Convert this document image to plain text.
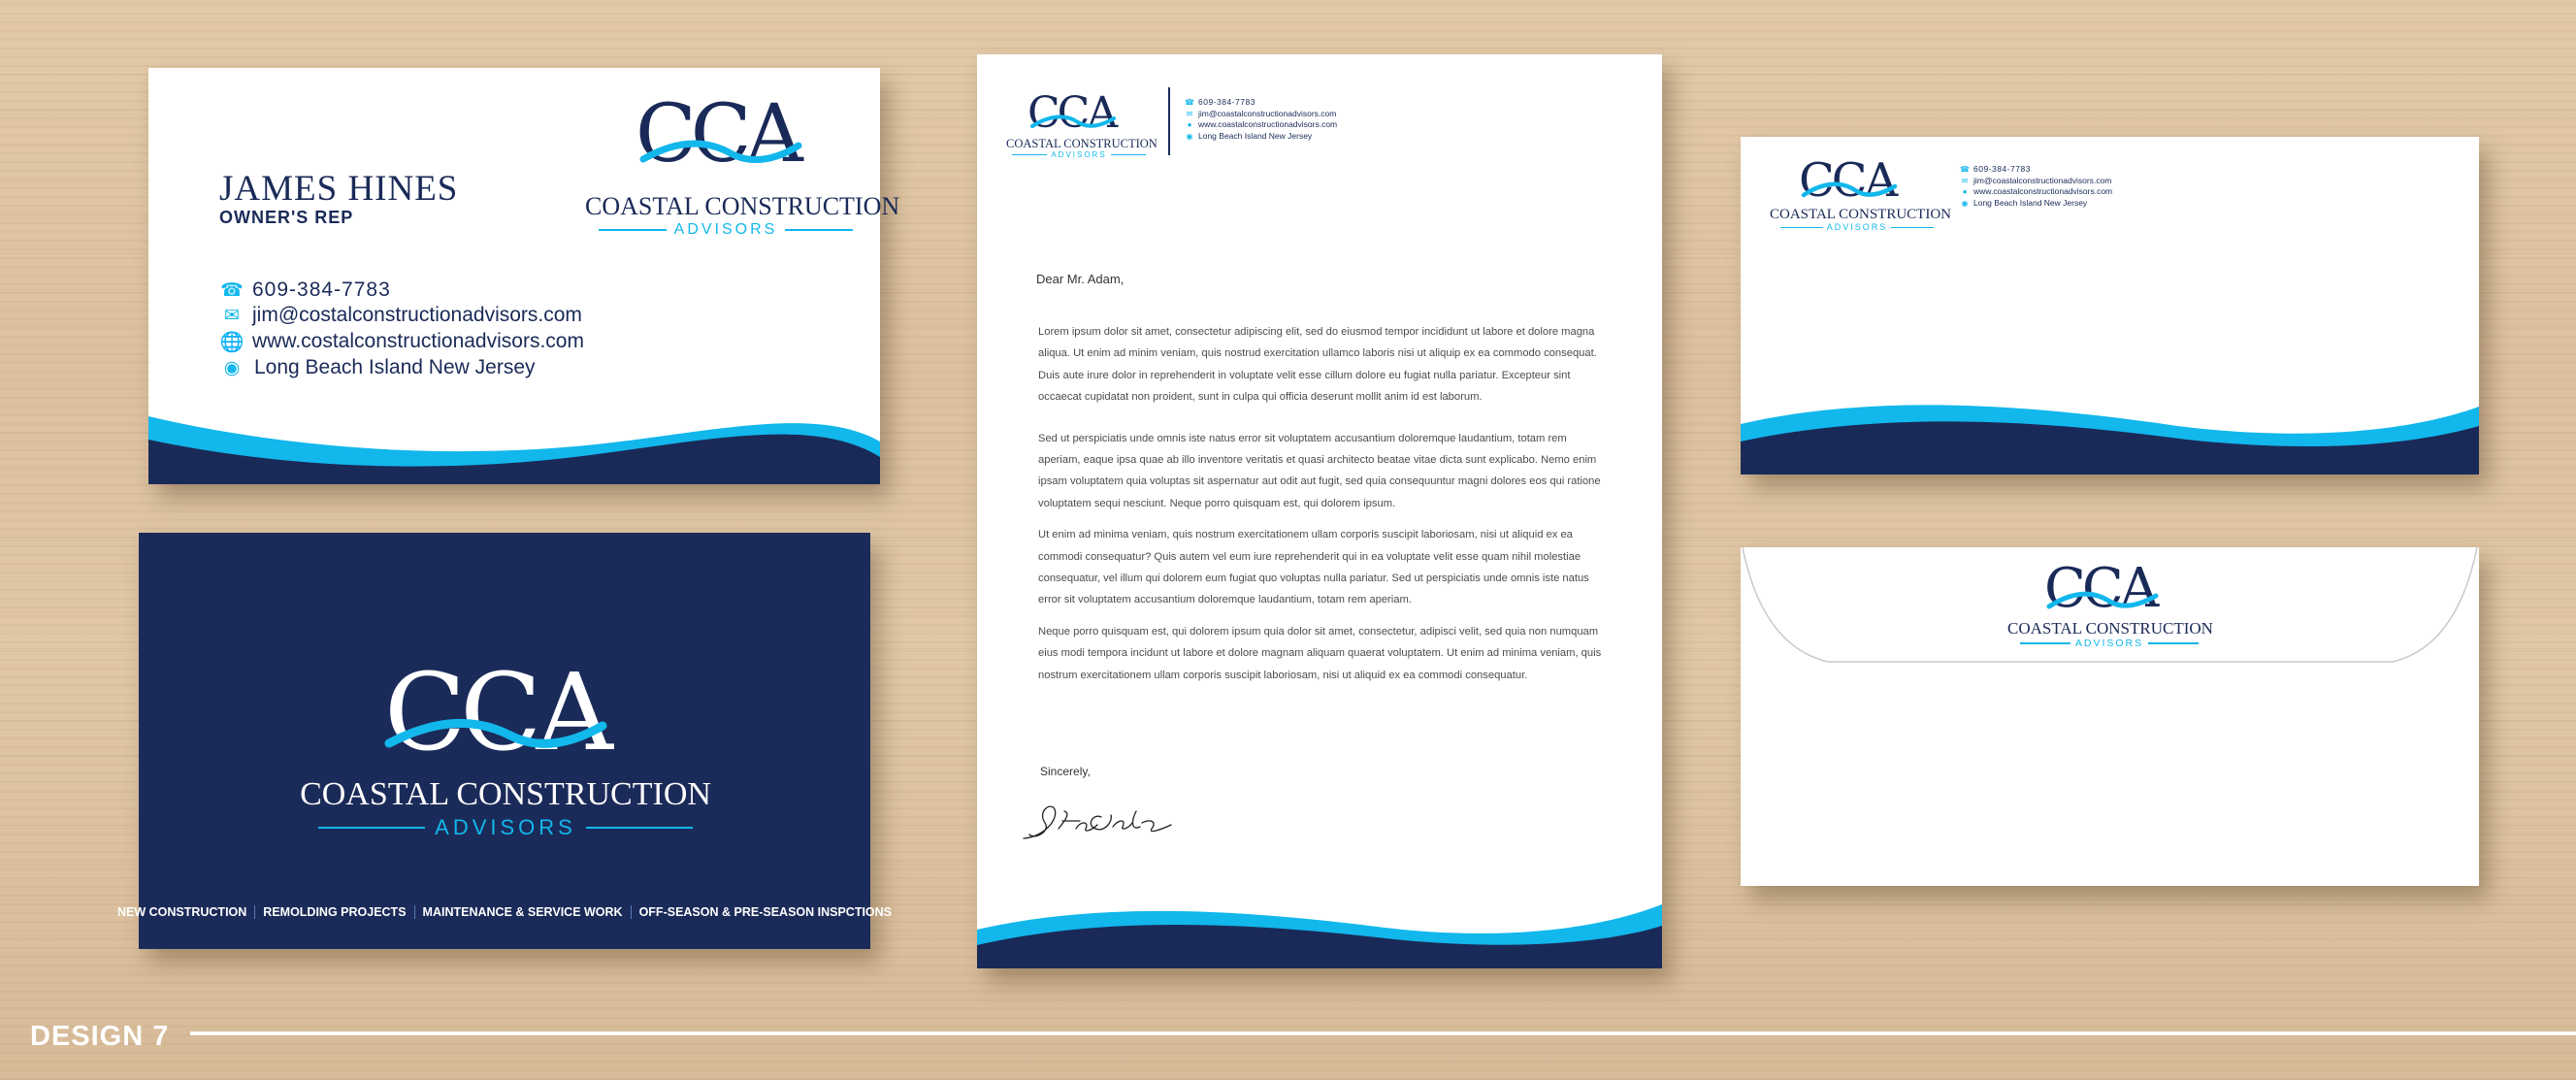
CCA
COASTAL CONSTRUCTION
ADVISORS
JAMES HINES
OWNER'S REP
☎ 609-384-7783
✉ jim@costalconstructionadvisors.com
🌐 www.costalconstructionadvisors.com
◉ Long Beach Island New Jersey
CCA
COASTAL CONSTRUCTION
ADVISORS
NEW CONSTRUCTION	REMOLDING PROJECTS	MAINTENANCE & SERVICE WORK	OFF-SEASON & PRE-SEASON INSPCTIONS
CCA
COASTAL CONSTRUCTION
ADVISORS
☎ 609-384-7783
✉ jim@coastalconstructionadvisors.com
● www.coastalconstructionadvisors.com
◉ Long Beach Island New Jersey
Dear Mr. Adam,

Lorem ipsum dolor sit amet, consectetur adipiscing elit, sed do eiusmod tempor incididunt ut labore et dolore magna aliqua. Ut enim ad minim veniam, quis nostrud exercitation ullamco laboris nisi ut aliquip ex ea commodo consequat. Duis aute irure dolor in reprehenderit in voluptate velit esse cillum dolore eu fugiat nulla pariatur. Excepteur sint occaecat cupidatat non proident, sunt in culpa qui officia deserunt mollit anim id est laborum.

Sed ut perspiciatis unde omnis iste natus error sit voluptatem accusantium doloremque laudantium, totam rem aperiam, eaque ipsa quae ab illo inventore veritatis et quasi architecto beatae vitae dicta sunt explicabo. Nemo enim ipsam voluptatem quia voluptas sit aspernatur aut odit aut fugit, sed quia consequuntur magni dolores eos qui ratione voluptatem sequi nesciunt. Neque porro quisquam est, qui dolorem ipsum.

Ut enim ad minima veniam, quis nostrum exercitationem ullam corporis suscipit laboriosam, nisi ut aliquid ex ea commodi consequatur? Quis autem vel eum iure reprehenderit qui in ea voluptate velit esse quam nihil molestiae consequatur, vel illum qui dolorem eum fugiat quo voluptas nulla pariatur. Sed ut perspiciatis unde omnis iste natus error sit voluptatem accusantium doloremque laudantium, totam rem aperiam.

Neque porro quisquam est, qui dolorem ipsum quia dolor sit amet, consectetur, adipisci velit, sed quia non numquam eius modi tempora incidunt ut labore et dolore magnam aliquam quaerat voluptatem. Ut enim ad minima veniam, quis nostrum exercitationem ullam corporis suscipit laboriosam, nisi ut aliquid ex ea commodi consequatur.

Sincerely,
CCA
COASTAL CONSTRUCTION
ADVISORS
☎ 609-384-7783
✉ jim@coastalconstructionadvisors.com
● www.coastalconstructionadvisors.com
◉ Long Beach Island New Jersey
CCA
COASTAL CONSTRUCTION
ADVISORS
DESIGN 7
